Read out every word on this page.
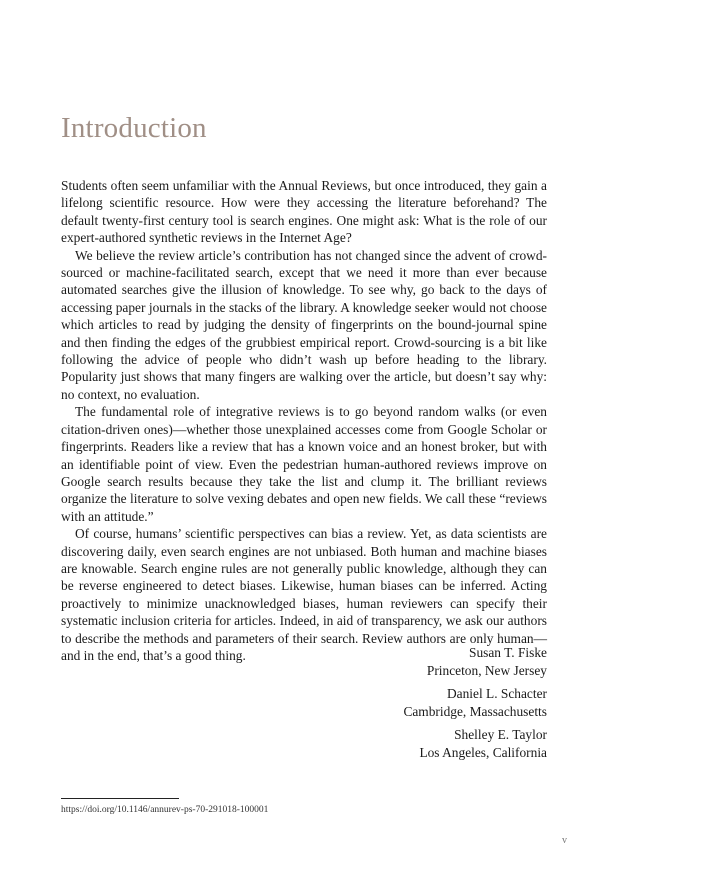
Introduction

Students often seem unfamiliar with the Annual Reviews, but once introduced, they gain a lifelong scientific resource. How were they accessing the literature beforehand? The default twenty-first century tool is search engines. One might ask: What is the role of our expert-authored synthetic reviews in the Internet Age?

We believe the review article’s contribution has not changed since the advent of crowd-sourced or machine-facilitated search, except that we need it more than ever because automated searches give the illusion of knowledge. To see why, go back to the days of accessing paper journals in the stacks of the library. A knowledge seeker would not choose which articles to read by judging the density of fingerprints on the bound-journal spine and then finding the edges of the grubbiest empirical report. Crowd-sourcing is a bit like following the advice of people who didn’t wash up before heading to the library. Popularity just shows that many fingers are walking over the article, but doesn’t say why: no context, no evaluation.

The fundamental role of integrative reviews is to go beyond random walks (or even citation-driven ones)—whether those unexplained accesses come from Google Scholar or fingerprints. Readers like a review that has a known voice and an honest broker, but with an identifiable point of view. Even the pedestrian human-authored reviews improve on Google search results because they take the list and clump it. The brilliant reviews organize the literature to solve vexing debates and open new fields. We call these “reviews with an attitude.”

Of course, humans’ scientific perspectives can bias a review. Yet, as data scientists are discovering daily, even search engines are not unbiased. Both human and machine biases are knowable. Search engine rules are not generally public knowledge, although they can be reverse engineered to detect biases. Likewise, human biases can be inferred. Acting proactively to minimize unacknowledged biases, human reviewers can specify their systematic inclusion criteria for articles. Indeed, in aid of transparency, we ask our authors to describe the methods and parameters of their search. Review authors are only human—and in the end, that’s a good thing.	Susan T. Fiske
Princeton, New Jersey
Daniel L. Schacter
Cambridge, Massachusetts
Shelley E. Taylor
Los Angeles, California
https://doi.org/10.1146/annurev-ps-70-291018-100001
v
